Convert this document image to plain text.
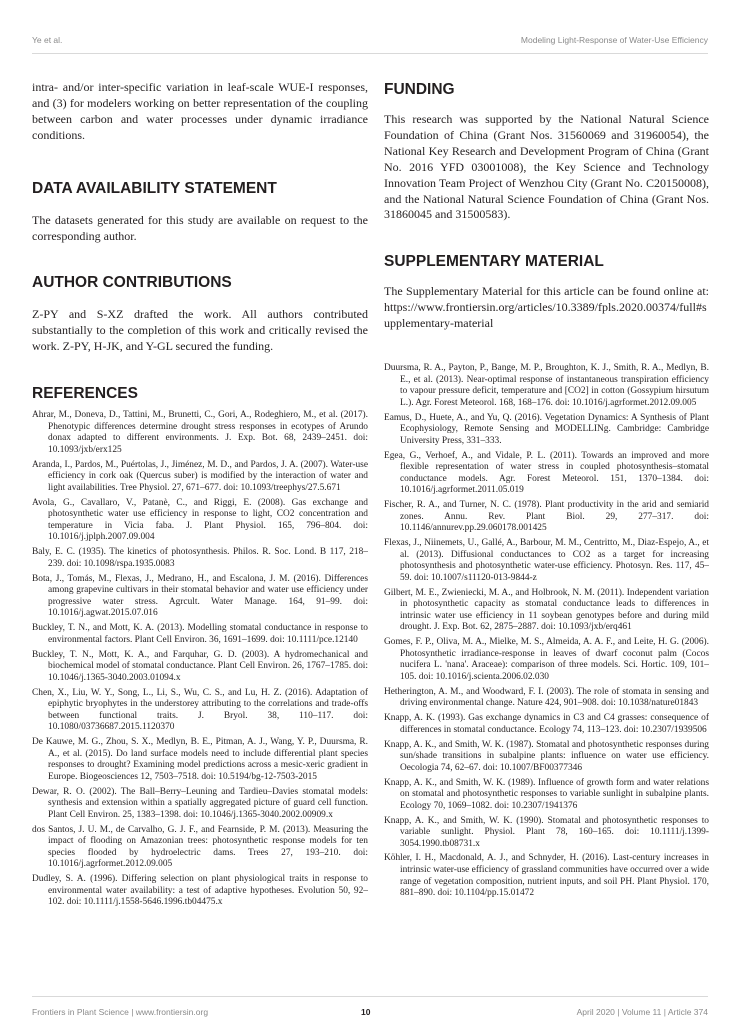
Ye et al.	Modeling Light-Response of Water-Use Efficiency

intra- and/or inter-specific variation in leaf-scale WUE-I responses, and (3) for modelers working on better representation of the coupling between carbon and water processes under dynamic irradiance conditions.

DATA AVAILABILITY STATEMENT

The datasets generated for this study are available on request to the corresponding author.

AUTHOR CONTRIBUTIONS

Z-PY and S-XZ drafted the work. All authors contributed substantially to the completion of this work and critically revised the work. Z-PY, H-JK, and Y-GL secured the funding.

REFERENCES
Ahrar, M., Doneva, D., Tattini, M., Brunetti, C., Gori, A., Rodeghiero, M., et al. (2017). Phenotypic differences determine drought stress responses in ecotypes of Arundo donax adapted to different environments. J. Exp. Bot. 68, 2439–2451. doi: 10.1093/jxb/erx125
Aranda, I., Pardos, M., Puértolas, J., Jiménez, M. D., and Pardos, J. A. (2007). Water-use efficiency in cork oak (Quercus suber) is modified by the interaction of water and light availabilities. Tree Physiol. 27, 671–677. doi: 10.1093/treephys/27.5.671
Avola, G., Cavallaro, V., Patanè, C., and Riggi, E. (2008). Gas exchange and photosynthetic water use efficiency in response to light, CO2 concentration and temperature in Vicia faba. J. Plant Physiol. 165, 796–804. doi: 10.1016/j.jplph.2007.09.004
Baly, E. C. (1935). The kinetics of photosynthesis. Philos. R. Soc. Lond. B 117, 218–239. doi: 10.1098/rspa.1935.0083
Bota, J., Tomás, M., Flexas, J., Medrano, H., and Escalona, J. M. (2016). Differences among grapevine cultivars in their stomatal behavior and water use efficiency under progressive water stress. Agrcult. Water Manage. 164, 91–99. doi: 10.1016/j.agwat.2015.07.016
Buckley, T. N., and Mott, K. A. (2013). Modelling stomatal conductance in response to environmental factors. Plant Cell Environ. 36, 1691–1699. doi: 10.1111/pce.12140
Buckley, T. N., Mott, K. A., and Farquhar, G. D. (2003). A hydromechanical and biochemical model of stomatal conductance. Plant Cell Environ. 26, 1767–1785. doi: 10.1046/j.1365-3040.2003.01094.x
Chen, X., Liu, W. Y., Song, L., Li, S., Wu, C. S., and Lu, H. Z. (2016). Adaptation of epiphytic bryophytes in the understorey attributing to the correlations and trade-offs between functional traits. J. Bryol. 38, 110–117. doi: 10.1080/03736687.2015.1120370
De Kauwe, M. G., Zhou, S. X., Medlyn, B. E., Pitman, A. J., Wang, Y. P., Duursma, R. A., et al. (2015). Do land surface models need to include differential plant species responses to drought? Examining model predictions across a mesic-xeric gradient in Europe. Biogeosciences 12, 7503–7518. doi: 10.5194/bg-12-7503-2015
Dewar, R. O. (2002). The Ball–Berry–Leuning and Tardieu–Davies stomatal models: synthesis and extension within a spatially aggregated picture of guard cell function. Plant Cell Environ. 25, 1383–1398. doi: 10.1046/j.1365-3040.2002.00909.x
dos Santos, J. U. M., de Carvalho, G. J. F., and Fearnside, P. M. (2013). Measuring the impact of flooding on Amazonian trees: photosynthetic response models for ten species flooded by hydroelectric dams. Trees 27, 193–210. doi: 10.1016/j.agrformet.2012.09.005
Dudley, S. A. (1996). Differing selection on plant physiological traits in response to environmental water availability: a test of adaptive hypotheses. Evolution 50, 92–102. doi: 10.1111/j.1558-5646.1996.tb04475.x
FUNDING

This research was supported by the National Natural Science Foundation of China (Grant Nos. 31560069 and 31960054), the National Key Research and Development Program of China (Grant No. 2016 YFD 03001008), the Key Science and Technology Innovation Team Project of Wenzhou City (Grant No. C20150008), and the National Natural Science Foundation of China (Grant Nos. 31860045 and 31500583).

SUPPLEMENTARY MATERIAL

The Supplementary Material for this article can be found online at: https://www.frontiersin.org/articles/10.3389/fpls.2020.00374/full#supplementary-material

Duursma, R. A., Payton, P., Bange, M. P., Broughton, K. J., Smith, R. A., Medlyn, B. E., et al. (2013). Near-optimal response of instantaneous transpiration efficiency to vapour pressure deficit, temperature and [CO2] in cotton (Gossypium hirsutum L.). Agr. Forest Meteorol. 168, 168–176. doi: 10.1016/j.agrformet.2012.09.005
Eamus, D., Huete, A., and Yu, Q. (2016). Vegetation Dynamics: A Synthesis of Plant Ecophysiology, Remote Sensing and MODELLINg. Cambridge: Cambridge University Press, 331–333.
Egea, G., Verhoef, A., and Vidale, P. L. (2011). Towards an improved and more flexible representation of water stress in coupled photosynthesis–stomatal conductance models. Agr. Forest Meteorol. 151, 1370–1384. doi: 10.1016/j.agrformet.2011.05.019
Fischer, R. A., and Turner, N. C. (1978). Plant productivity in the arid and semiarid zones. Annu. Rev. Plant Biol. 29, 277–317. doi: 10.1146/annurev.pp.29.060178.001425
Flexas, J., Niinemets, U., Gallé, A., Barbour, M. M., Centritto, M., Diaz-Espejo, A., et al. (2013). Diffusional conductances to CO2 as a target for increasing photosynthesis and photosynthetic water-use efficiency. Photosyn. Res. 117, 45–59. doi: 10.1007/s11120-013-9844-z
Gilbert, M. E., Zwieniecki, M. A., and Holbrook, N. M. (2011). Independent variation in photosynthetic capacity as stomatal conductance leads to differences in intrinsic water use efficiency in 11 soybean genotypes before and during mild drought. J. Exp. Bot. 62, 2875–2887. doi: 10.1093/jxb/erq461
Gomes, F. P., Oliva, M. A., Mielke, M. S., Almeida, A. A. F., and Leite, H. G. (2006). Photosynthetic irradiance-response in leaves of dwarf coconut palm (Cocos nucifera L. 'nana'. Araceae): comparison of three models. Sci. Hortic. 109, 101–105. doi: 10.1016/j.scienta.2006.02.030
Hetherington, A. M., and Woodward, F. I. (2003). The role of stomata in sensing and driving environmental change. Nature 424, 901–908. doi: 10.1038/nature01843
Knapp, A. K. (1993). Gas exchange dynamics in C3 and C4 grasses: consequence of differences in stomatal conductance. Ecology 74, 113–123. doi: 10.2307/1939506
Knapp, A. K., and Smith, W. K. (1987). Stomatal and photosynthetic responses during sun/shade transitions in subalpine plants: influence on water use efficiency. Oecologia 74, 62–67. doi: 10.1007/BF00377346
Knapp, A. K., and Smith, W. K. (1989). Influence of growth form and water relations on stomatal and photosynthetic responses to variable sunlight in subalpine plants. Ecology 70, 1069–1082. doi: 10.2307/1941376
Knapp, A. K., and Smith, W. K. (1990). Stomatal and photosynthetic responses to variable sunlight. Physiol. Plant 78, 160–165. doi: 10.1111/j.1399-3054.1990.tb08731.x
Köhler, I. H., Macdonald, A. J., and Schnyder, H. (2016). Last-century increases in intrinsic water-use efficiency of grassland communities have occurred over a wide range of vegetation composition, nutrient inputs, and soil PH. Plant Physiol. 170, 881–890. doi: 10.1104/pp.15.01472
Frontiers in Plant Science | www.frontiersin.org	10	April 2020 | Volume 11 | Article 374
